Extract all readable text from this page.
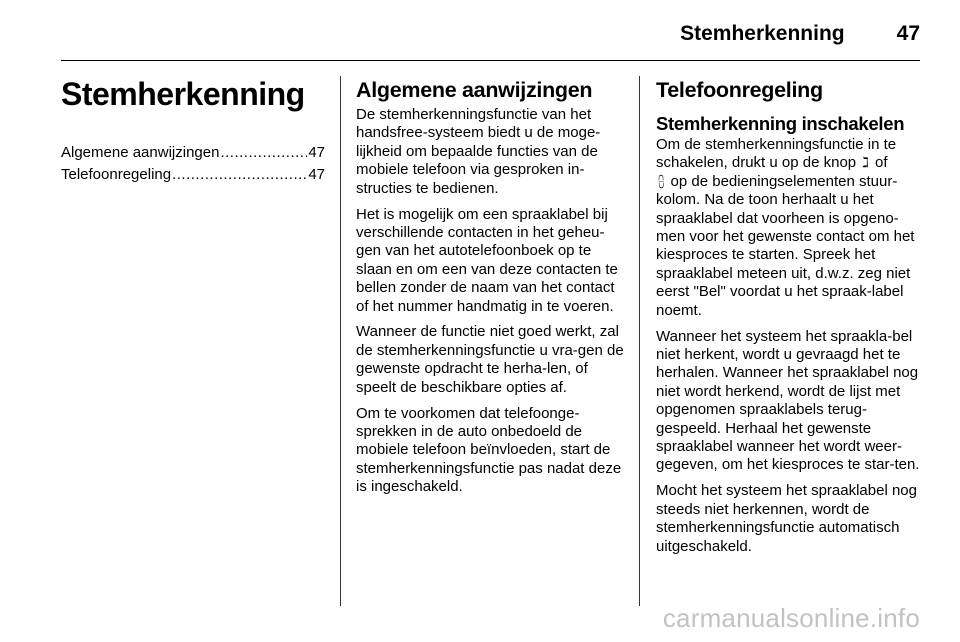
Stemherkenning 47
Stemherkenning
Algemene aanwijzingen .....	47
Telefoonregeling .....	47
Algemene aanwijzingen

De stemherkenningsfunctie van het handsfree-systeem biedt u de moge-lijkheid om bepaalde functies van de mobiele telefoon via gesproken in-structies te bedienen.

Het is mogelijk om een spraaklabel bij verschillende contacten in het geheu-gen van het autotelefoonboek op te slaan en om een van deze contacten te bellen zonder de naam van het contact of het nummer handmatig in te voeren.

Wanneer de functie niet goed werkt, zal de stemherkenningsfunctie u vra-gen de gewenste opdracht te herha-len, of speelt de beschikbare opties af.

Om te voorkomen dat telefoonge-sprekken in de auto onbedoeld de mobiele telefoon beïnvloeden, start de stemherkenningsfunctie pas nadat deze is ingeschakeld.

Telefoonregeling
Stemherkenning inschakelen

Om de stemherkenningsfunctie in te schakelen, drukt u op de knop ℷ of
⩉ op de bedieningselementen stuur-kolom. Na de toon herhaalt u het spraaklabel dat voorheen is opgeno-men voor het gewenste contact om het kiesproces te starten. Spreek het spraaklabel meteen uit, d.w.z. zeg niet eerst "Bel" voordat u het spraak-label noemt.

Wanneer het systeem het spraakla-bel niet herkent, wordt u gevraagd het te herhalen. Wanneer het spraaklabel nog niet wordt herkend, wordt de lijst met opgenomen spraaklabels terug-gespeeld. Herhaal het gewenste spraaklabel wanneer het wordt weer-gegeven, om het kiesproces te star-ten.

Mocht het systeem het spraaklabel nog steeds niet herkennen, wordt de stemherkenningsfunctie automatisch uitgeschakeld.

carmanualsonline.info
